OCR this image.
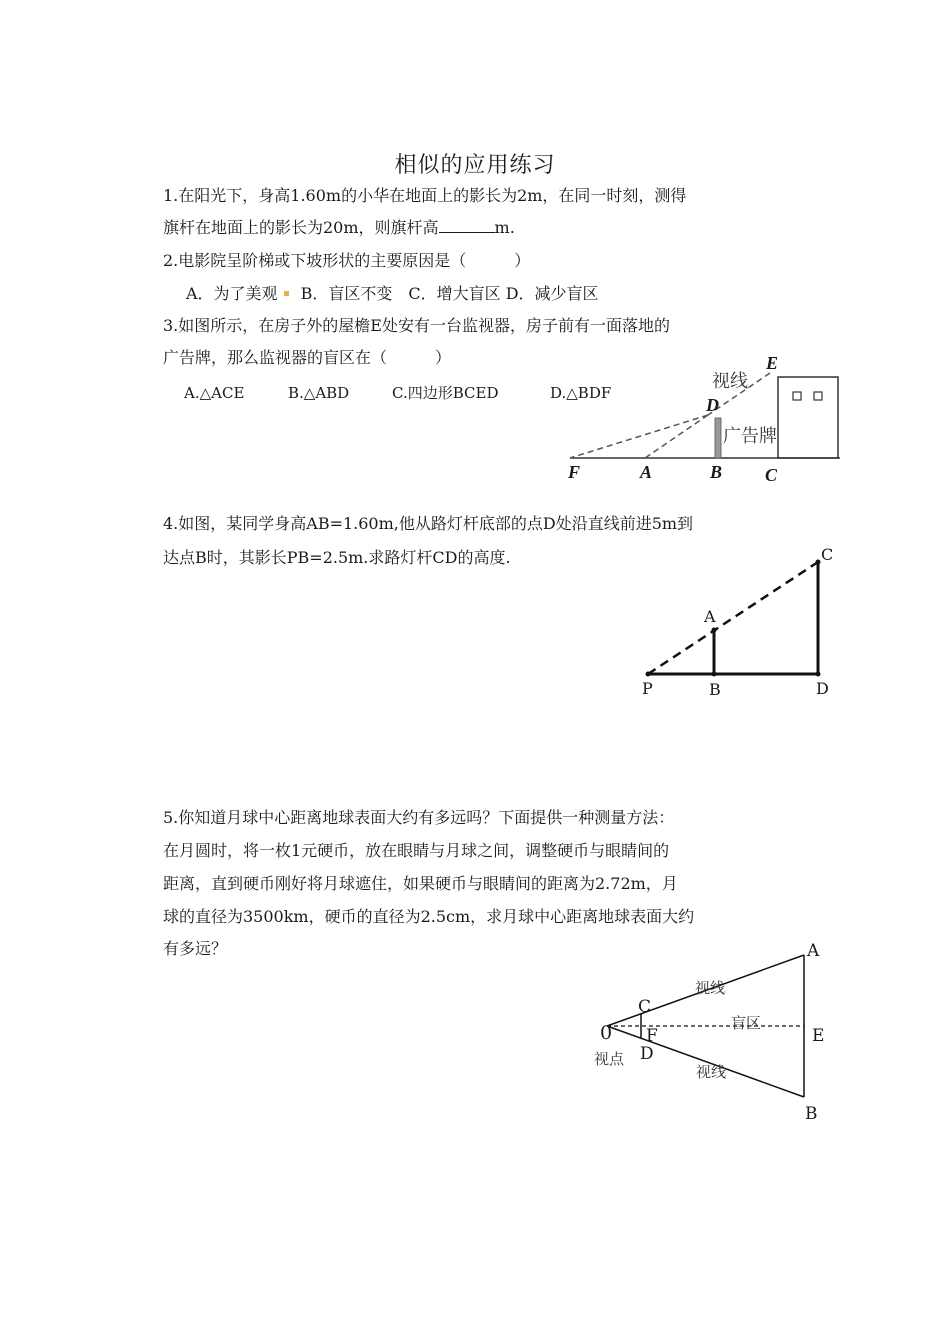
相似的应用练习
1.在阳光下，身高1.60m的小华在地面上的影长为2m，在同一时刻，测得
旗杆在地面上的影长为20m，则旗杆高	m.
2.电影院呈阶梯或下坡形状的主要原因是（　　　）
A．为了美观 B．盲区不变　 C．增大盲区 D．减少盲区
3.如图所示，在房子外的屋檐E处安有一台监视器，房子前有一面落地的
广告牌，那么监视器的盲区在（　　　）
A.△ACE	B.△ABD	C.四边形BCED	D.△BDF
视线
广告牌
E
D
F	A	B C
4.如图，某同学身高AB=1.60m,他从路灯杆底部的点D处沿直线前进5m到
达点B时，其影长PB=2.5m.求路灯杆CD的高度.	C
A
P	B	D
5.你知道月球中心距离地球表面大约有多远吗？下面提供一种测量方法：
在月圆时，将一枚1元硬币，放在眼睛与月球之间，调整硬币与眼睛间的
距离，直到硬币刚好将月球遮住，如果硬币与眼睛间的距离为2.72m，月
球的直径为3500km，硬币的直径为2.5cm，求月球中心距离地球表面大约
有多远？
0
C
F
D
A
E
B
视线
盲区
视线
视点
